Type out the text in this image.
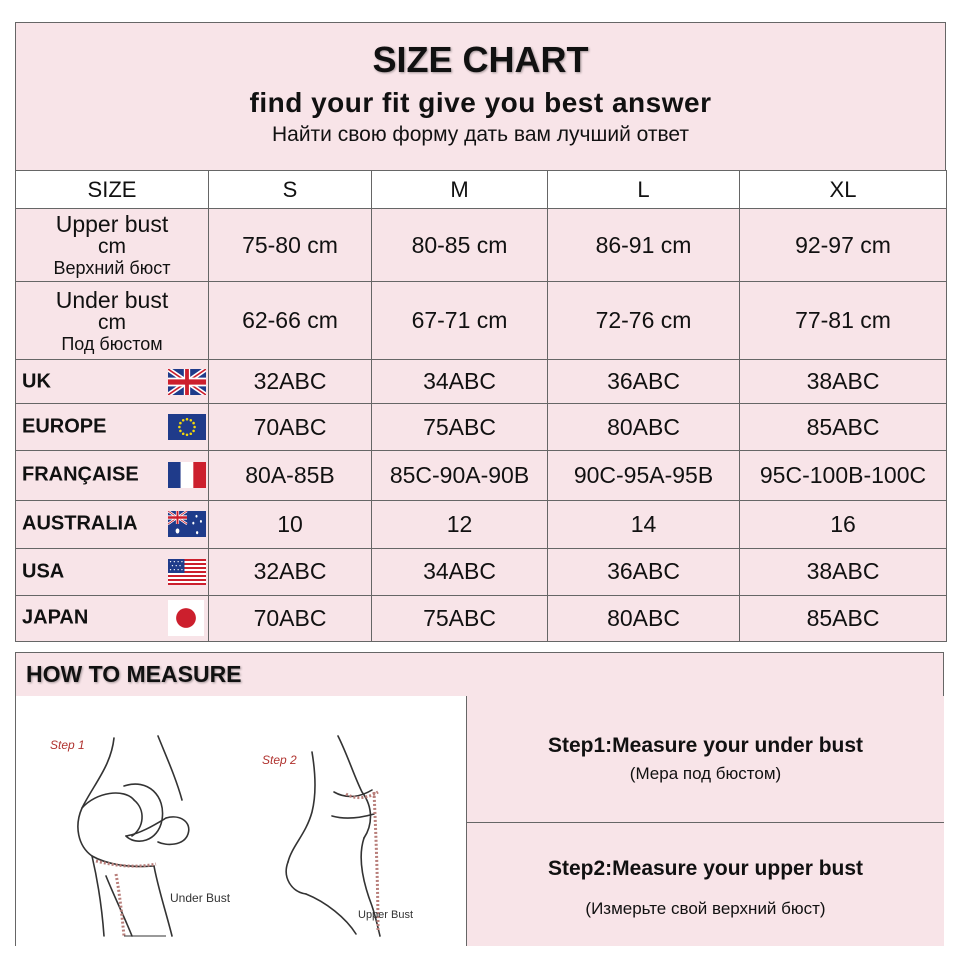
SIZE CHART
find your fit give you best answer
Найти свою форму дать вам лучший ответ
SIZE	S	M	L	XL

Upper bust
cm
Верхний бюст	75-80 cm	80-85 cm	86-91 cm	92-97 cm

Under bust
cm
Под бюстом	62-66 cm	67-71 cm	72-76 cm	77-81 cm

UK	32ABC	34ABC	36ABC	38ABC

EUROPE	70ABC	75ABC	80ABC	85ABC

FRANÇAISE	80A-85B	85C-90A-90B	90C-95A-95B	95C-100B-100C

AUSTRALIA	10	12	14	16

USA	32ABC	34ABC	36ABC	38ABC

JAPAN	70ABC	75ABC	80ABC	85ABC
HOW TO MEASURE
Step 1
Under Bust
Step 2
Upper Bust
Step1:Measure your under bust
(Мера под бюстом)
Step2:Measure your upper bust
(Измерьте свой верхний бюст)
